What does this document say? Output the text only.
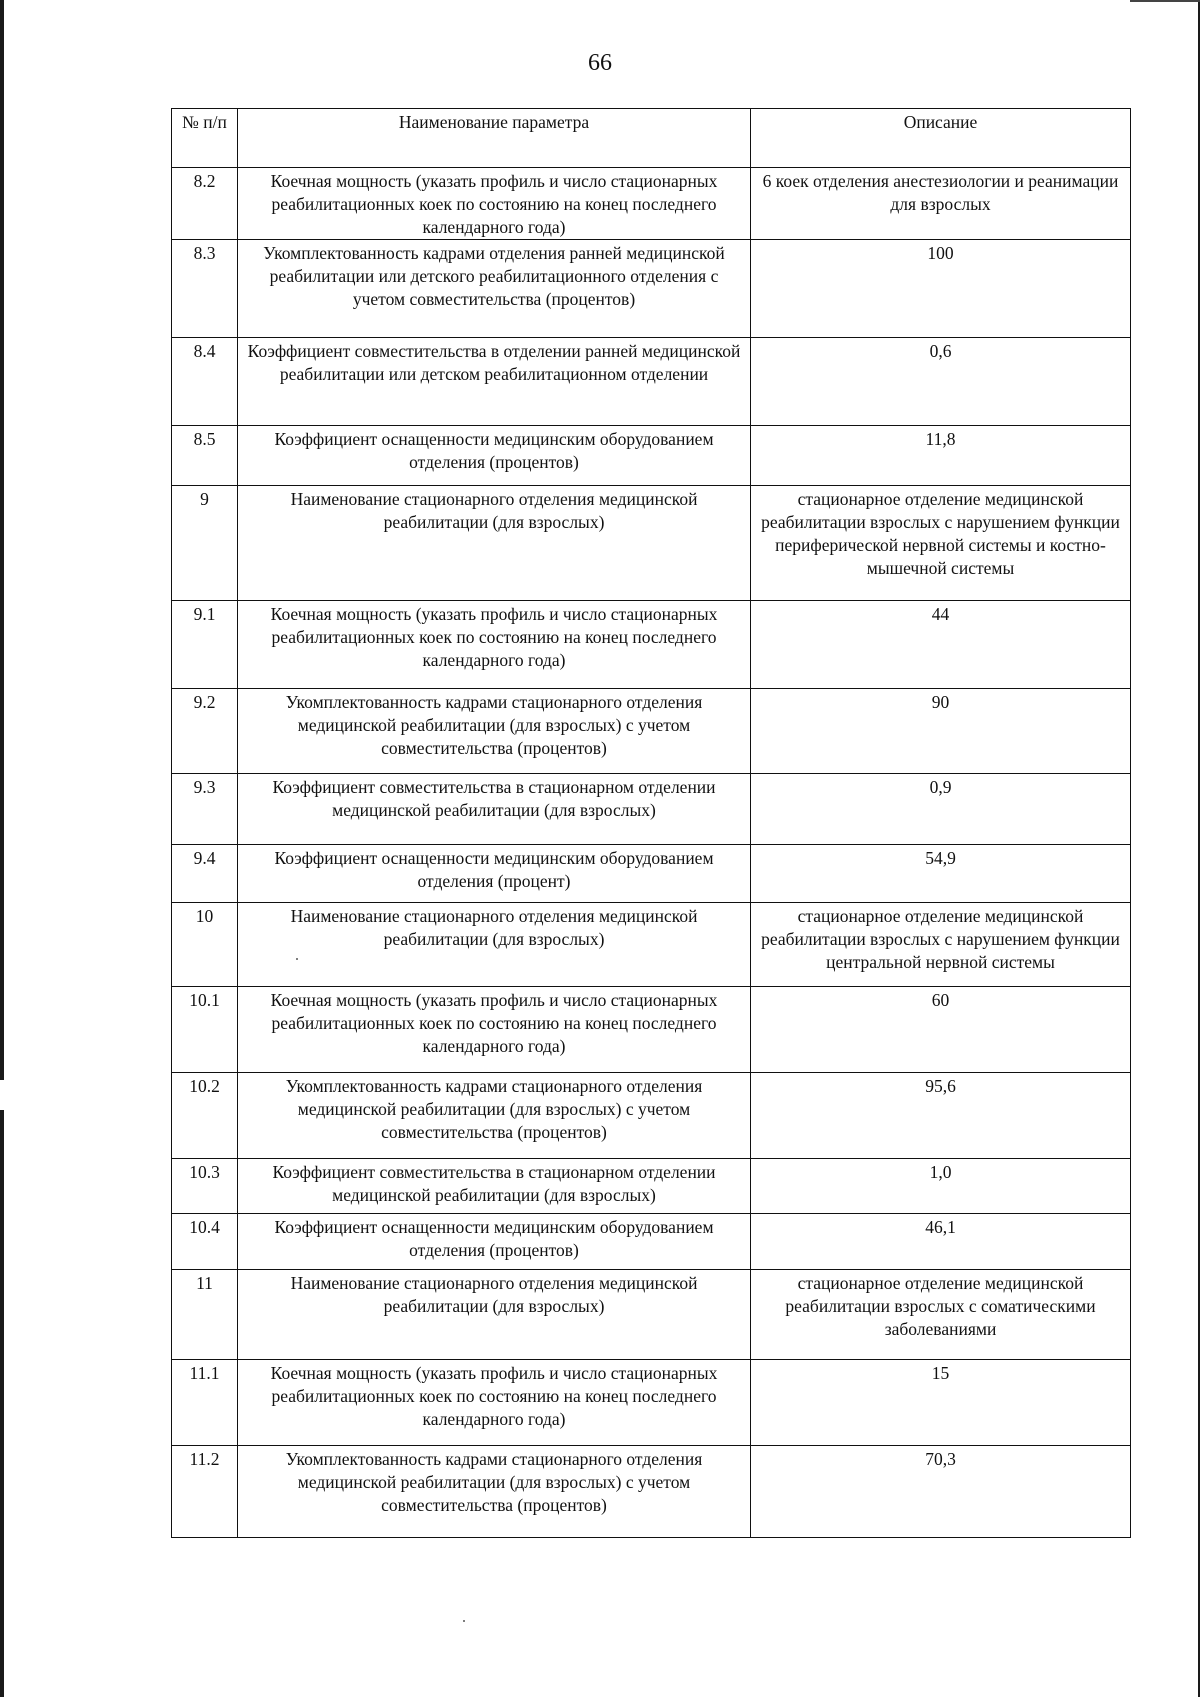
66
№ п/п	Наименование параметра	Описание
8.2	Коечная мощность (указать профиль и число стационарных реабилитационных коек по состоянию на конец последнего календарного года)	6 коек отделения анестезиологии и реанимации для взрослых
8.3	Укомплектованность кадрами отделения ранней медицинской реабилитации или детского реабилитационного отделения с учетом совместительства (процентов)	100
8.4	Коэффициент совместительства в отделении ранней медицинской реабилитации или детском реабилитационном отделении	0,6
8.5	Коэффициент оснащенности медицинским оборудованием отделения (процентов)	11,8
9	Наименование стационарного отделения медицинской реабилитации (для взрослых)	стационарное отделение медицинской реабилитации взрослых с нарушением функции периферической нервной системы и костно-мышечной системы
9.1	Коечная мощность (указать профиль и число стационарных реабилитационных коек по состоянию на конец последнего календарного года)	44
9.2	Укомплектованность кадрами стационарного отделения медицинской реабилитации (для взрослых) с учетом совместительства (процентов)	90
9.3	Коэффициент совместительства в стационарном отделении медицинской реабилитации (для взрослых)	0,9
9.4	Коэффициент оснащенности медицинским оборудованием отделения (процент)	54,9
10	Наименование стационарного отделения медицинской реабилитации (для взрослых)	стационарное отделение медицинской реабилитации взрослых с нарушением функции центральной нервной системы
10.1	Коечная мощность (указать профиль и число стационарных реабилитационных коек по состоянию на конец последнего календарного года)	60
10.2	Укомплектованность кадрами стационарного отделения медицинской реабилитации (для взрослых) с учетом совместительства (процентов)	95,6
10.3	Коэффициент совместительства в стационарном отделении медицинской реабилитации (для взрослых)	1,0
10.4	Коэффициент оснащенности медицинским оборудованием отделения (процентов)	46,1
11	Наименование стационарного отделения медицинской реабилитации (для взрослых)	стационарное отделение медицинской реабилитации взрослых с соматическими заболеваниями
11.1	Коечная мощность (указать профиль и число стационарных реабилитационных коек по состоянию на конец последнего календарного года)	15
11.2	Укомплектованность кадрами стационарного отделения медицинской реабилитации (для взрослых) с учетом совместительства (процентов)	70,3
